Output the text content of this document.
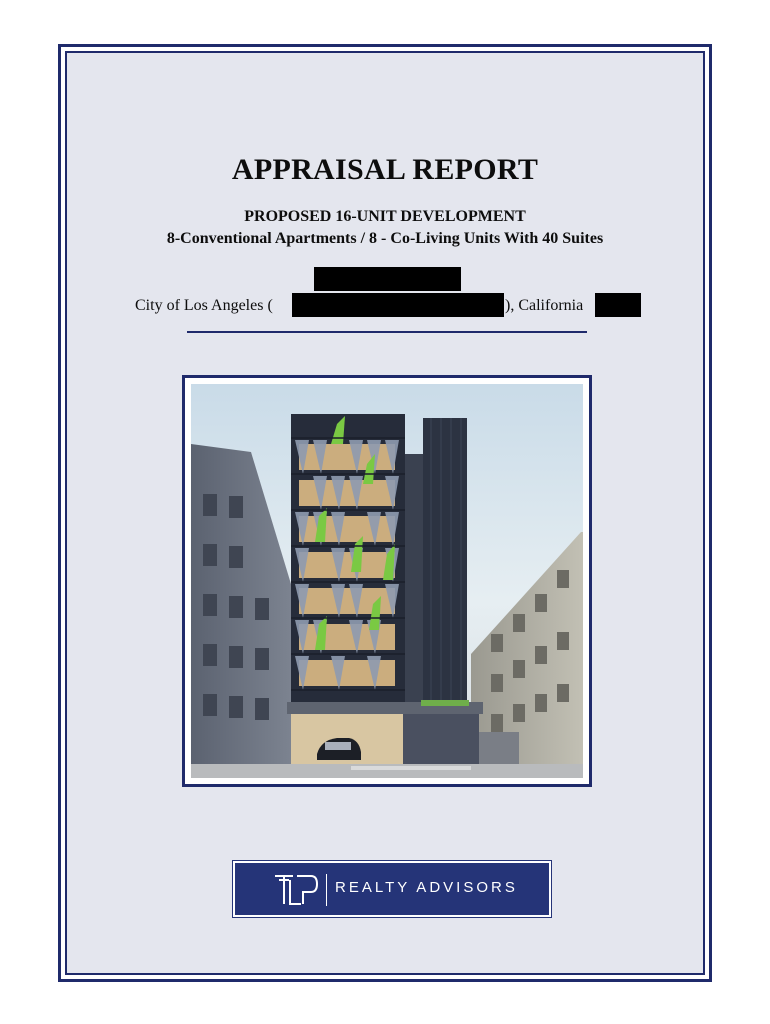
APPRAISAL REPORT
PROPOSED 16-UNIT DEVELOPMENT
8-Conventional Apartments / 8 - Co-Living Units With 40 Suites
City of Los Angeles (	), California
REALTY ADVISORS
